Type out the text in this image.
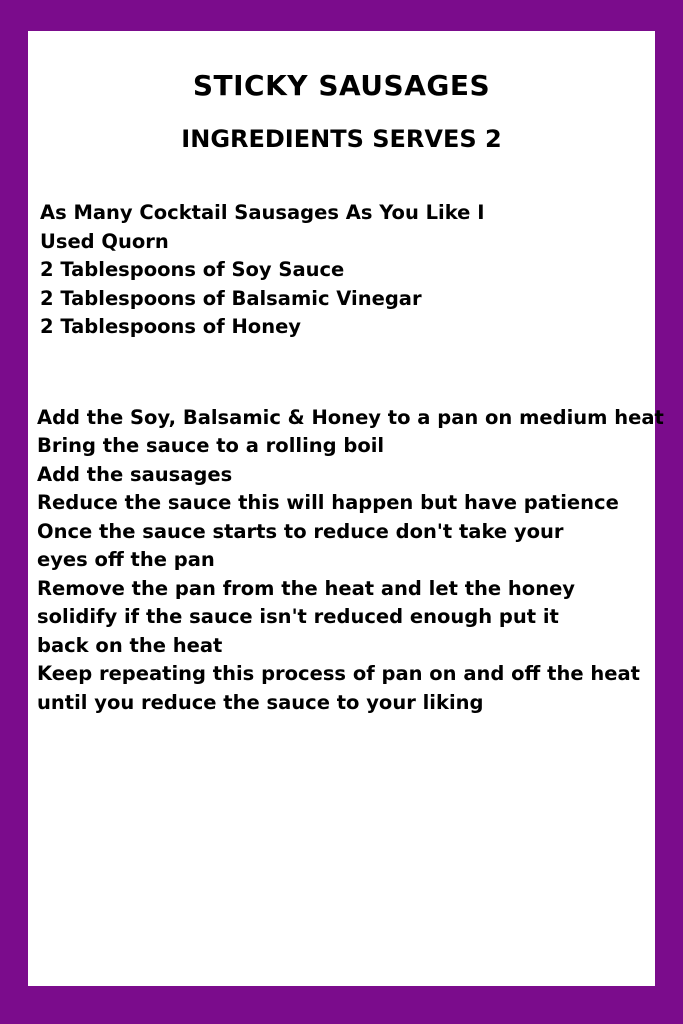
STICKY SAUSAGES
INGREDIENTS SERVES 2
As Many Cocktail Sausages As You Like I
Used Quorn
2 Tablespoons of Soy Sauce
2 Tablespoons of Balsamic Vinegar
2 Tablespoons of Honey
Add the Soy, Balsamic & Honey to a pan on medium heat
Bring the sauce to a rolling boil
Add the sausages
Reduce the sauce this will happen but have patience
Once the sauce starts to reduce don't take your
eyes off the pan
Remove the pan from the heat and let the honey
solidify if the sauce isn't reduced enough put it
back on the heat
Keep repeating this process of pan on and off the heat
until you reduce the sauce to your liking
